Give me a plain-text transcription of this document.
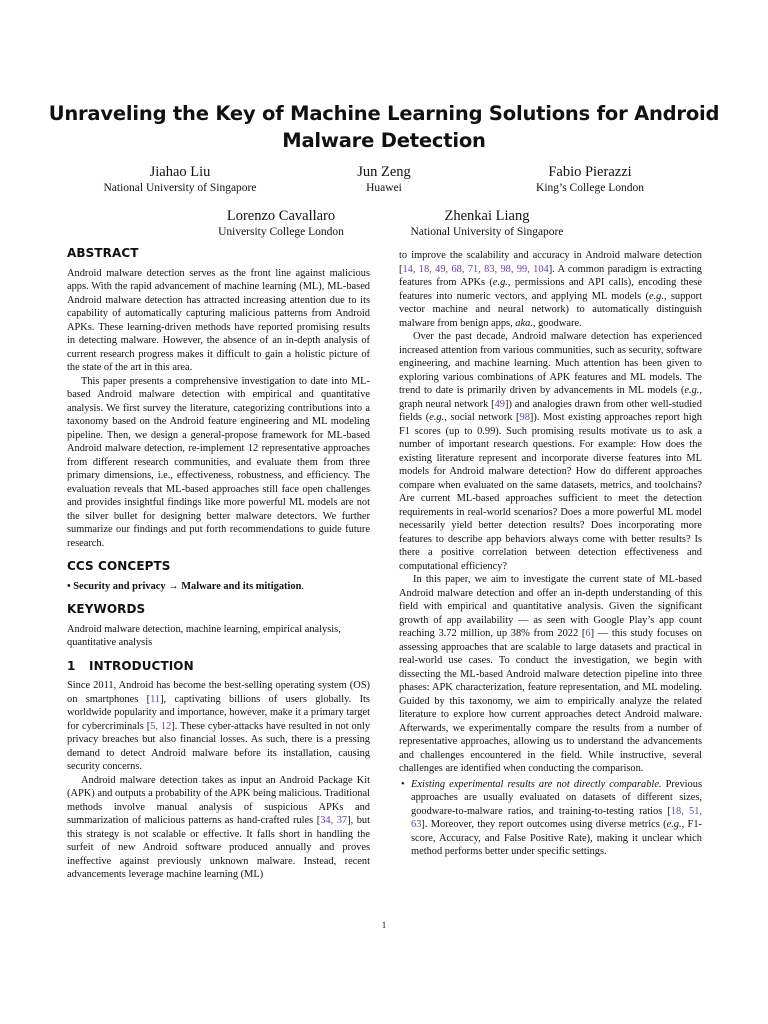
Unraveling the Key of Machine Learning Solutions for Android Malware Detection
Jiahao Liu
National University of Singapore
Jun Zeng
Huawei
Fabio Pierazzi
King’s College London
Lorenzo Cavallaro
University College London
Zhenkai Liang
National University of Singapore
ABSTRACT

Android malware detection serves as the front line against malicious apps. With the rapid advancement of machine learning (ML), ML-based Android malware detection has attracted increasing attention due to its capability of automatically capturing malicious patterns from Android APKs. These learning-driven methods have reported promising results in detecting malware. However, the absence of an in-depth analysis of current research progress makes it difficult to gain a holistic picture of the state of the art in this area.

This paper presents a comprehensive investigation to date into ML-based Android malware detection with empirical and quantitative analysis. We first survey the literature, categorizing contributions into a taxonomy based on the Android feature engineering and ML modeling pipeline. Then, we design a general-propose framework for ML-based Android malware detection, re-implement 12 representative approaches from different research communities, and evaluate them from three primary dimensions, i.e., effectiveness, robustness, and efficiency. The evaluation reveals that ML-based approaches still face open challenges and provides insightful findings like more powerful ML models are not the silver bullet for designing better malware detectors. We further summarize our findings and put forth recommendations to guide future research.

CCS CONCEPTS

• Security and privacy → Malware and its mitigation.

KEYWORDS

Android malware detection, machine learning, empirical analysis, quantitative analysis

1 INTRODUCTION

Since 2011, Android has become the best-selling operating system (OS) on smartphones [11], captivating billions of users globally. Its worldwide popularity and importance, however, make it a primary target for cybercriminals [5, 12]. These cyber-attacks have resulted in not only privacy breaches but also financial losses. As such, there is a pressing demand to detect Android malware before its installation, causing security concerns.

Android malware detection takes as input an Android Package Kit (APK) and outputs a probability of the APK being malicious. Traditional methods involve manual analysis of suspicious APKs and summarization of malicious patterns as hand-crafted rules [34, 37], but this strategy is not scalable or effective. It falls short in handling the surfeit of new Android software produced annually and proves ineffective against previously unknown malware. Instead, recent advancements leverage machine learning (ML)

to improve the scalability and accuracy in Android malware detection [14, 18, 49, 68, 71, 83, 98, 99, 104]. A common paradigm is extracting features from APKs (e.g., permissions and API calls), encoding these features into numeric vectors, and applying ML models (e.g., support vector machine and neural network) to automatically distinguish malware from benign apps, aka., goodware.

Over the past decade, Android malware detection has experienced increased attention from various communities, such as security, software engineering, and machine learning. Much attention has been given to exploring various combinations of APK features and ML models. The trend to date is primarily driven by advancements in ML models (e.g., graph neural network [49]) and analogies drawn from other well-studied fields (e.g., social network [98]). Most existing approaches report high F1 scores (up to 0.99). Such promising results motivate us to ask a number of important research questions. For example: How does the existing literature represent and incorporate diverse features into ML models for Android malware detection? How do different approaches compare when evaluated on the same datasets, metrics, and toolchains? Are current ML-based approaches sufficient to meet the detection requirements in real-world scenarios? Does a more powerful ML model necessarily yield better detection results? Does incorporating more features to describe app behaviors always come with better results? Is there a positive correlation between detection effectiveness and computational efficiency?

In this paper, we aim to investigate the current state of ML-based Android malware detection and offer an in-depth understanding of this field with empirical and quantitative analysis. Given the significant growth of app availability — as seen with Google Play’s app count reaching 3.72 million, up 38% from 2022 [6] — this study focuses on assessing approaches that are scalable to large datasets and practical in real-world use cases. To conduct the investigation, we begin with dissecting the ML-based Android malware detection pipeline into three phases: APK characterization, feature representation, and ML modeling. Guided by this taxonomy, we aim to empirically analyze the related literature to explore how current approaches detect Android malware. Afterwards, we experimentally compare the results from a number of representative approaches, allowing us to understand the advancements and challenges encountered in the field. While instructive, several challenges are identified when conducting the comparison.

• Existing experimental results are not directly comparable. Previous approaches are usually evaluated on datasets of different sizes, goodware-to-malware ratios, and training-to-testing ratios [18, 51, 63]. Moreover, they report outcomes using diverse metrics (e.g., F1-score, Accuracy, and False Positive Rate), making it unclear which method performs better under specific settings.
1
